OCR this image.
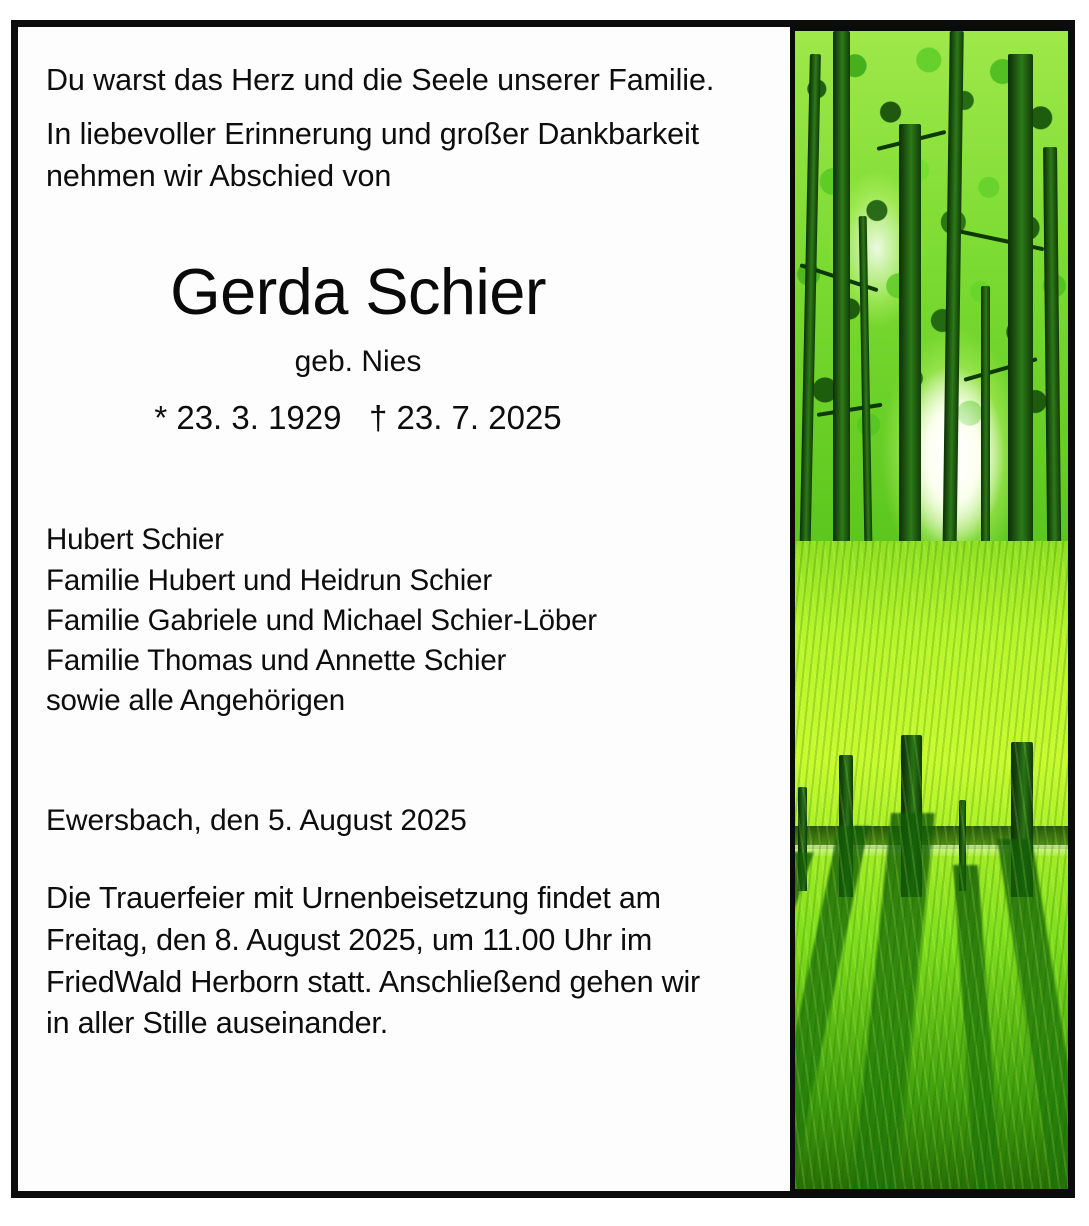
Du warst das Herz und die Seele unserer Familie.

In liebevoller Erinnerung und großer Dankbarkeit nehmen wir Abschied von

Gerda Schier

geb. Nies

* 23. 3. 1929   † 23. 7. 2025

Hubert Schier

Familie Hubert und Heidrun Schier

Familie Gabriele und Michael Schier-Löber

Familie Thomas und Annette Schier

sowie alle Angehörigen

Ewersbach, den 5. August 2025
Die Trauerfeier mit Urnenbeisetzung findet am Freitag, den 8. August 2025, um 11.00 Uhr im FriedWald Herborn statt. Anschließend gehen wir in aller Stille auseinander.
